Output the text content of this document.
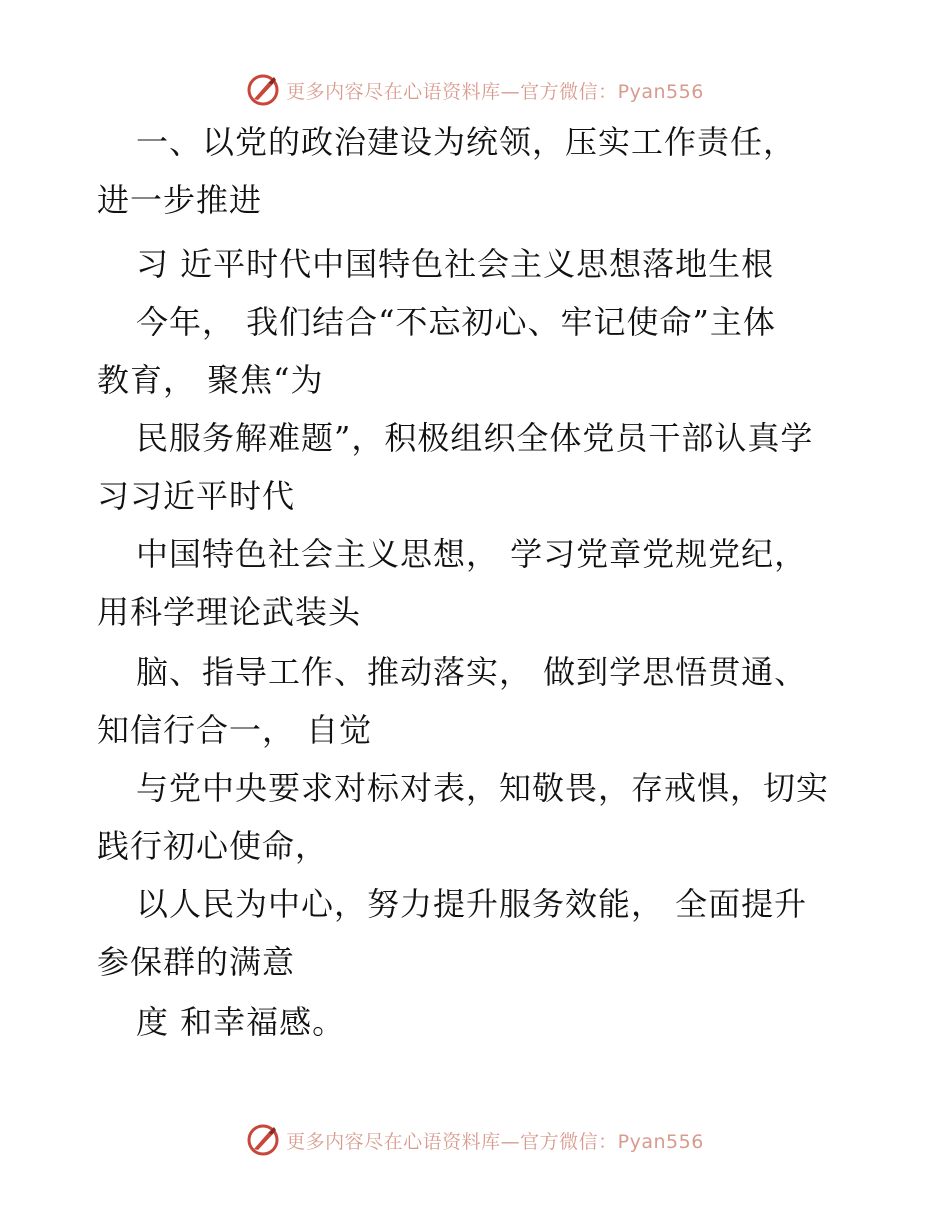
更多内容尽在心语资料库—官方微信：Pyan556
一、以党的政治建设为统领，压实工作责任，
进一步推进
习 近平时代中国特色社会主义思想落地生根
今年， 我们结合“不忘初心、牢记使命”主体
教育， 聚焦“为
民服务解难题”，积极组织全体党员干部认真学
习习近平时代
中国特色社会主义思想， 学习党章党规党纪，
用科学理论武装头
脑、指导工作、推动落实， 做到学思悟贯通、
知信行合一， 自觉
与党中央要求对标对表，知敬畏，存戒惧，切实
践行初心使命，
以人民为中心，努力提升服务效能， 全面提升
参保群的满意
度 和幸福感。
更多内容尽在心语资料库—官方微信：Pyan556
